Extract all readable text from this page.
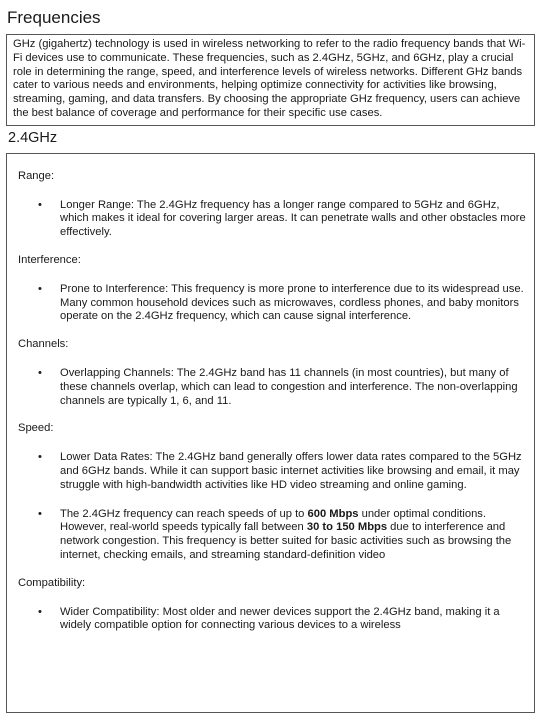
Frequencies
GHz (gigahertz) technology is used in wireless networking to refer to the radio frequency bands that Wi-Fi devices use to communicate. These frequencies, such as 2.4GHz, 5GHz, and 6GHz, play a crucial role in determining the range, speed, and interference levels of wireless networks. Different GHz bands cater to various needs and environments, helping optimize connectivity for activities like browsing, streaming, gaming, and data transfers. By choosing the appropriate GHz frequency, users can achieve the best balance of coverage and performance for their specific use cases.
2.4GHz
Range:
• Longer Range: The 2.4GHz frequency has a longer range compared to 5GHz and 6GHz, which makes it ideal for covering larger areas. It can penetrate walls and other obstacles more effectively.
Interference:
• Prone to Interference: This frequency is more prone to interference due to its widespread use. Many common household devices such as microwaves, cordless phones, and baby monitors operate on the 2.4GHz frequency, which can cause signal interference.
Channels:
• Overlapping Channels: The 2.4GHz band has 11 channels (in most countries), but many of these channels overlap, which can lead to congestion and interference. The non-overlapping channels are typically 1, 6, and 11.
Speed:
• Lower Data Rates: The 2.4GHz band generally offers lower data rates compared to the 5GHz and 6GHz bands. While it can support basic internet activities like browsing and email, it may struggle with high-bandwidth activities like HD video streaming and online gaming.
• The 2.4GHz frequency can reach speeds of up to 600 Mbps under optimal conditions. However, real-world speeds typically fall between 30 to 150 Mbps due to interference and network congestion. This frequency is better suited for basic activities such as browsing the internet, checking emails, and streaming standard-definition video
Compatibility:
• Wider Compatibility: Most older and newer devices support the 2.4GHz band, making it a widely compatible option for connecting various devices to a wireless
